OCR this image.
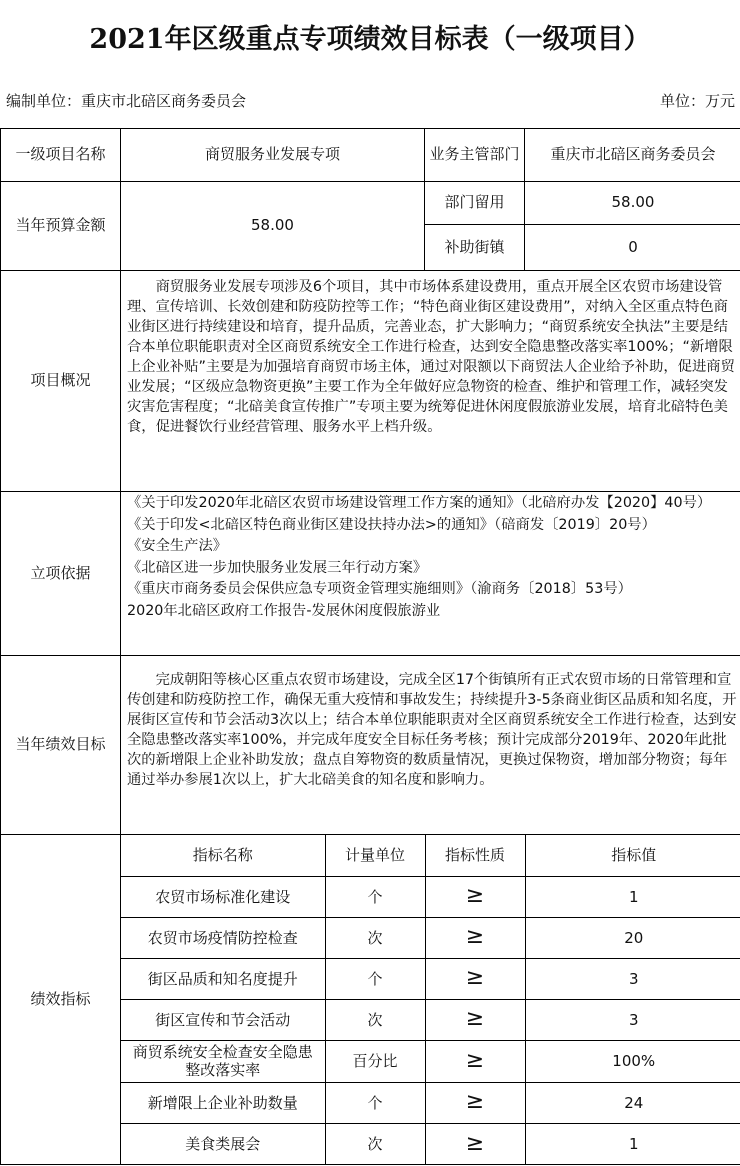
2021年区级重点专项绩效目标表（一级项目）
编制单位：重庆市北碚区商务委员会	单位：万元
一级项目名称	商贸服务业发展专项	业务主管部门	重庆市北碚区商务委员会
当年预算金额	58.00	部门留用	58.00
补助街镇	0
项目概况	
商贸服务业发展专项涉及6个项目，其中市场体系建设费用，重点开展全区农贸市场建设管理、宣传培训、长效创建和防疫防控等工作；“特色商业街区建设费用”，对纳入全区重点特色商业街区进行持续建设和培育，提升品质，完善业态，扩大影响力；“商贸系统安全执法”主要是结合本单位职能职责对全区商贸系统安全工作进行检查，达到安全隐患整改落实率100%；“新增限上企业补贴”主要是为加强培育商贸市场主体，通过对限额以下商贸法人企业给予补助，促进商贸业发展；“区级应急物资更换”主要工作为全年做好应急物资的检查、维护和管理工作，减轻突发灾害危害程度；“北碚美食宣传推广”专项主要为统筹促进休闲度假旅游业发展，培育北碚特色美食，促进餐饮行业经营管理、服务水平上档升级。

立项依据	
《关于印发2020年北碚区农贸市场建设管理工作方案的通知》（北碚府办发【2020】40号）
《关于印发<北碚区特色商业街区建设扶持办法>的通知》（碚商发〔2019〕20号）
《安全生产法》
《北碚区进一步加快服务业发展三年行动方案》
《重庆市商务委员会保供应急专项资金管理实施细则》（渝商务〔2018〕53号）
2020年北碚区政府工作报告-发展休闲度假旅游业

当年绩效目标	
完成朝阳等核心区重点农贸市场建设，完成全区17个街镇所有正式农贸市场的日常管理和宣传创建和防疫防控工作，确保无重大疫情和事故发生；持续提升3-5条商业街区品质和知名度，开展街区宣传和节会活动3次以上；结合本单位职能职责对全区商贸系统安全工作进行检查，达到安全隐患整改落实率100%，并完成年度安全目标任务考核；预计完成部分2019年、2020年此批次的新增限上企业补助发放；盘点自筹物资的数质量情况，更换过保物资，增加部分物资；每年通过举办参展1次以上，扩大北碚美食的知名度和影响力。

绩效指标	
指标名称	计量单位	指标性质	指标值
农贸市场标准化建设	个	≥	1
农贸市场疫情防控检查	次	≥	20
街区品质和知名度提升	个	≥	3
街区宣传和节会活动	次	≥	3
商贸系统安全检查安全隐患整改落实率	百分比	≥	100%
新增限上企业补助数量	个	≥	24
美食类展会	次	≥	1
